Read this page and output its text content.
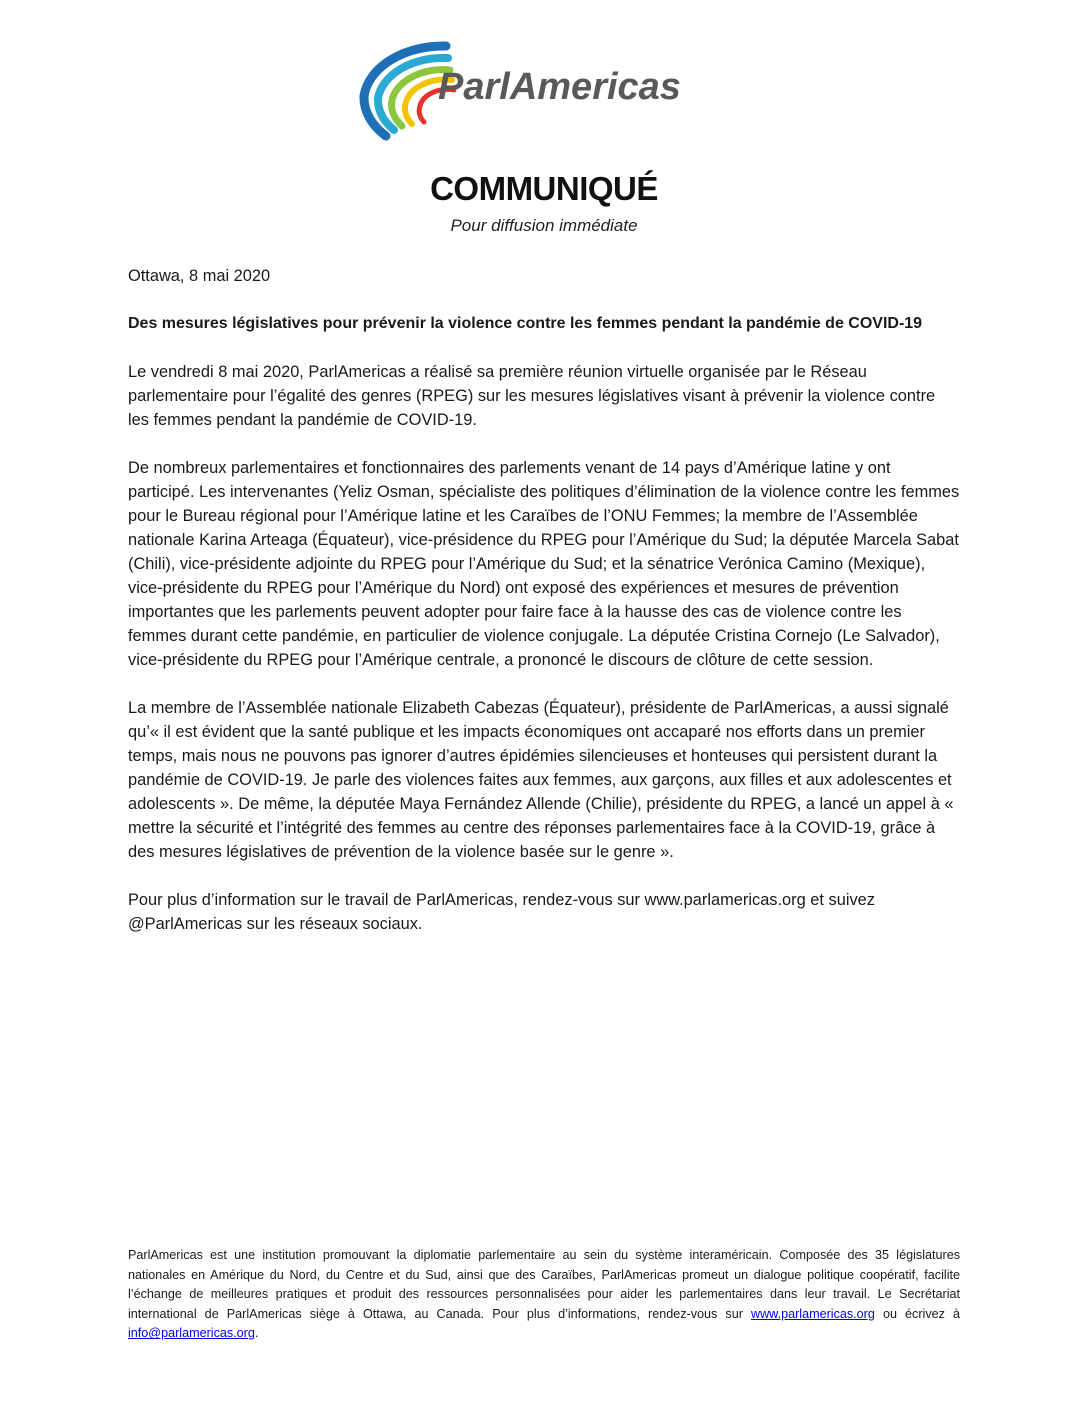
ParlAmericas
COMMUNIQUÉ
Pour diffusion immédiate

Ottawa, 8 mai 2020

Des mesures législatives pour prévenir la violence contre les femmes pendant la pandémie de COVID-19

Le vendredi 8 mai 2020, ParlAmericas a réalisé sa première réunion virtuelle organisée par le Réseau parlementaire pour l’égalité des genres (RPEG) sur les mesures législatives visant à prévenir la violence contre les femmes pendant la pandémie de COVID-19.

De nombreux parlementaires et fonctionnaires des parlements venant de 14 pays d’Amérique latine y ont participé. Les intervenantes (Yeliz Osman, spécialiste des politiques d’élimination de la violence contre les femmes pour le Bureau régional pour l’Amérique latine et les Caraïbes de l’ONU Femmes; la membre de l’Assemblée nationale Karina Arteaga (Équateur), vice-présidence du RPEG pour l’Amérique du Sud; la députée Marcela Sabat (Chili), vice-présidente adjointe du RPEG pour l’Amérique du Sud; et la sénatrice Verónica Camino (Mexique), vice-présidente du RPEG pour l’Amérique du Nord) ont exposé des expériences et mesures de prévention importantes que les parlements peuvent adopter pour faire face à la hausse des cas de violence contre les femmes durant cette pandémie, en particulier de violence conjugale. La députée Cristina Cornejo (Le Salvador), vice-présidente du RPEG pour l’Amérique centrale, a prononcé le discours de clôture de cette session.

La membre de l’Assemblée nationale Elizabeth Cabezas (Équateur), présidente de ParlAmericas, a aussi signalé qu’« il est évident que la santé publique et les impacts économiques ont accaparé nos efforts dans un premier temps, mais nous ne pouvons pas ignorer d’autres épidémies silencieuses et honteuses qui persistent durant la pandémie de COVID-19. Je parle des violences faites aux femmes, aux garçons, aux filles et aux adolescentes et adolescents ». De même, la députée Maya Fernández Allende (Chilie), présidente du RPEG, a lancé un appel à « mettre la sécurité et l’intégrité des femmes au centre des réponses parlementaires face à la COVID-19, grâce à des mesures législatives de prévention de la violence basée sur le genre ».

Pour plus d’information sur le travail de ParlAmericas, rendez-vous sur www.parlamericas.org et suivez @ParlAmericas sur les réseaux sociaux.

ParlAmericas est une institution promouvant la diplomatie parlementaire au sein du système interaméricain. Composée des 35 législatures nationales en Amérique du Nord, du Centre et du Sud, ainsi que des Caraïbes, ParlAmericas promeut un dialogue politique coopératif, facilite l’échange de meilleures pratiques et produit des ressources personnalisées pour aider les parlementaires dans leur travail. Le Secrétariat international de ParlAmericas siège à Ottawa, au Canada. Pour plus d’informations, rendez-vous sur www.parlamericas.org ou écrivez à info@parlamericas.org.
